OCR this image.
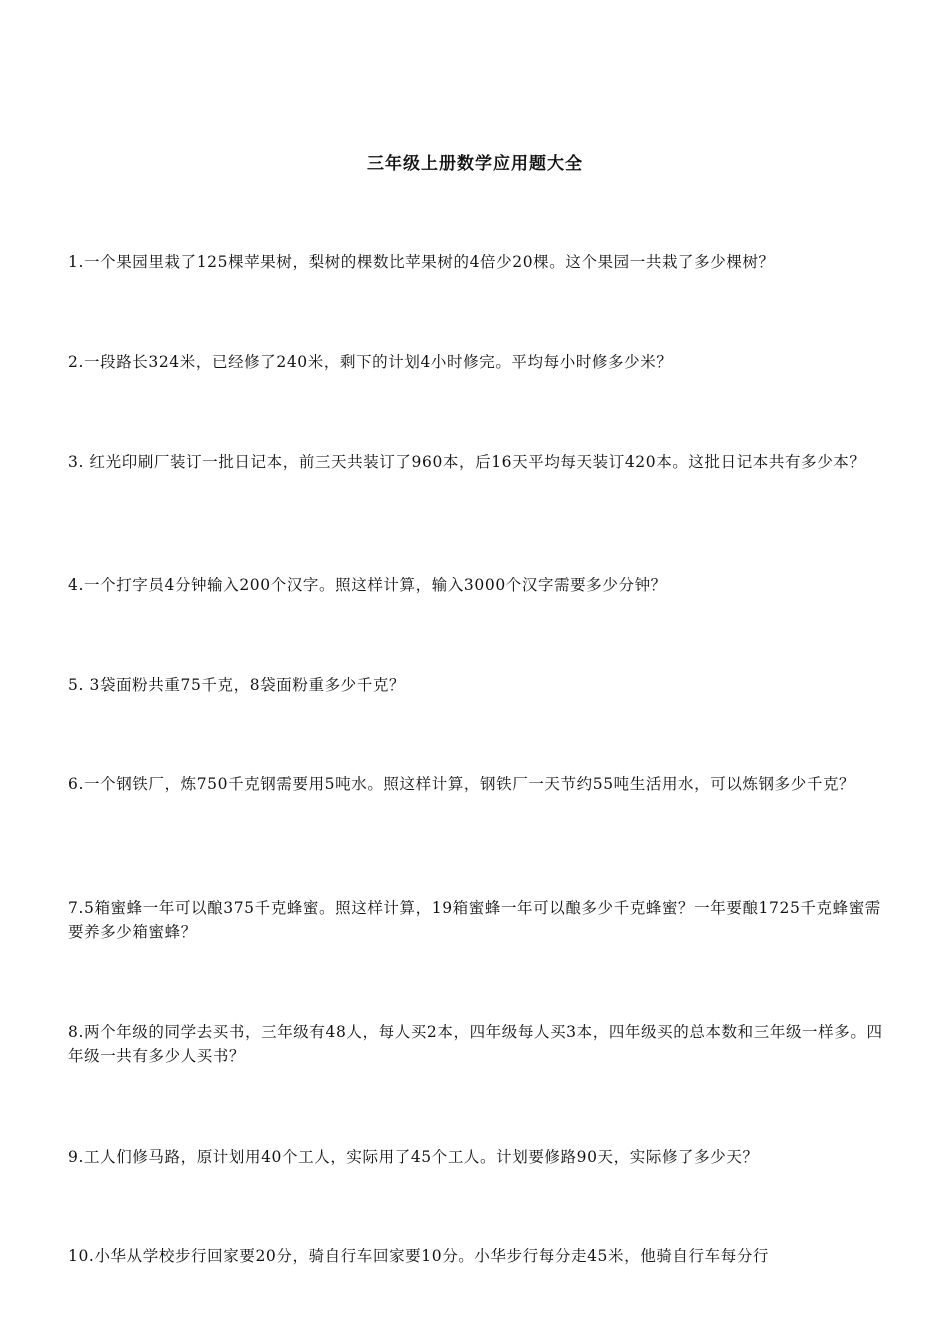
三年级上册数学应用题大全

1.一个果园里栽了125棵苹果树，梨树的棵数比苹果树的4倍少20棵。这个果园一共栽了多少棵树？

2.一段路长324米，已经修了240米，剩下的计划4小时修完。平均每小时修多少米？

3. 红光印刷厂装订一批日记本，前三天共装订了960本，后16天平均每天装订420本。这批日记本共有多少本？

4.一个打字员4分钟输入200个汉字。照这样计算，输入3000个汉字需要多少分钟？

5. 3袋面粉共重75千克，8袋面粉重多少千克？

6.一个钢铁厂，炼750千克钢需要用5吨水。照这样计算，钢铁厂一天节约55吨生活用水，可以炼钢多少千克？

7.5箱蜜蜂一年可以酿375千克蜂蜜。照这样计算，19箱蜜蜂一年可以酿多少千克蜂蜜？一年要酿1725千克蜂蜜需要养多少箱蜜蜂？

8.两个年级的同学去买书，三年级有48人，每人买2本，四年级每人买3本，四年级买的总本数和三年级一样多。四年级一共有多少人买书？

9.工人们修马路，原计划用40个工人，实际用了45个工人。计划要修路90天，实际修了多少天？

10.小华从学校步行回家要20分，骑自行车回家要10分。小华步行每分走45米，他骑自行车每分行
